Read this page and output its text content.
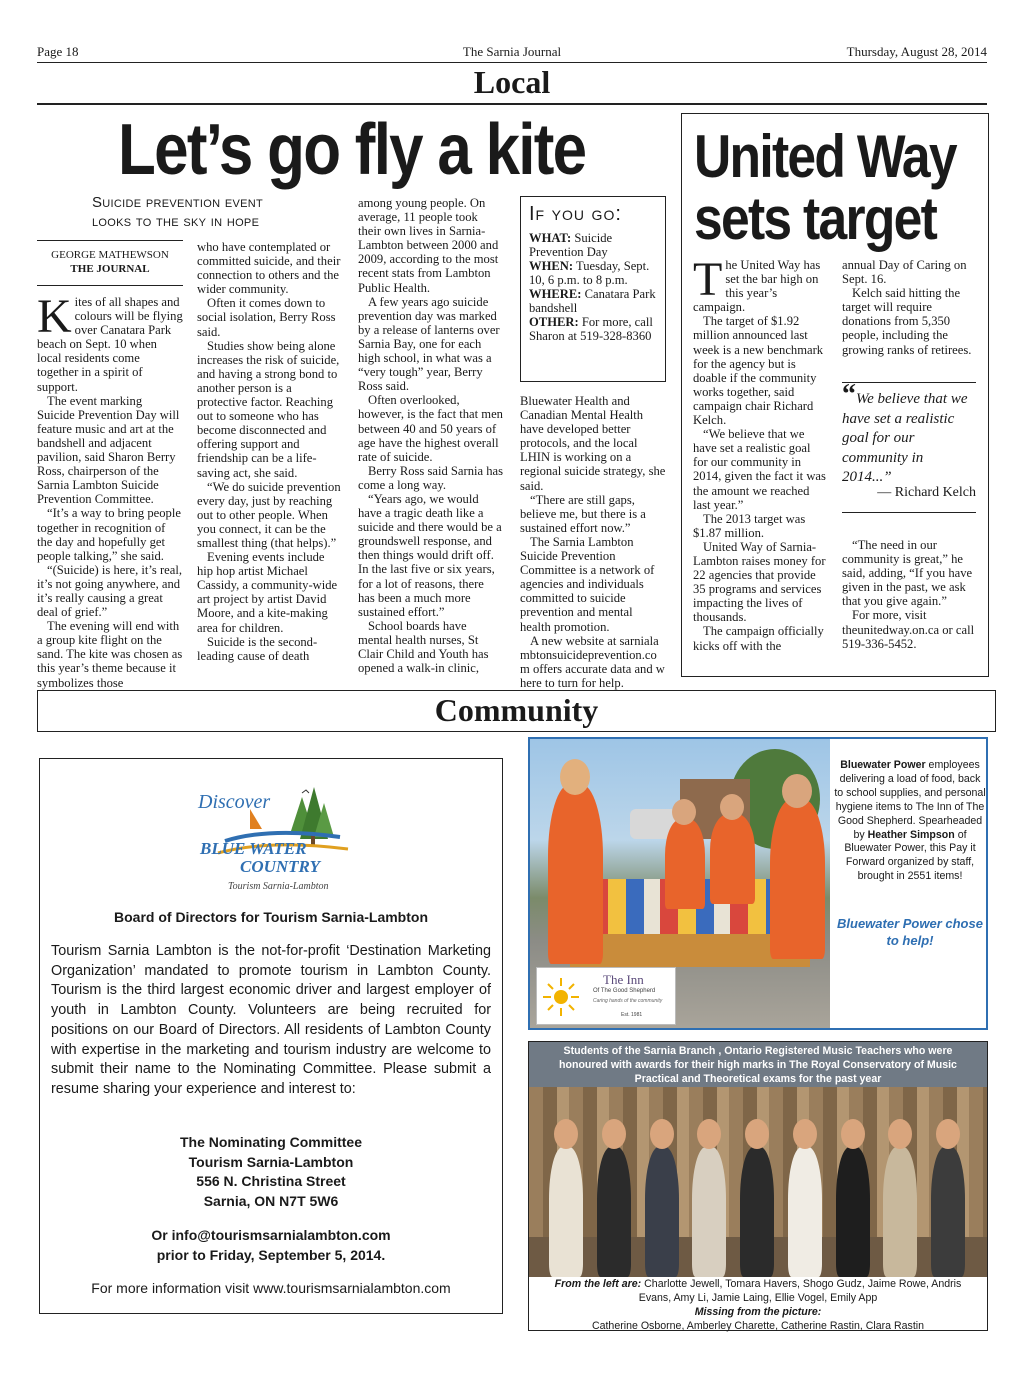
Page 18	The Sarnia Journal	Thursday, August 28, 2014
Local
Let’s go fly a kite
Suicide prevention event
looks to the sky in hope
GEORGE MATHEWSON
THE JOURNAL

Kites of all shapes and colours will be flying over Canatara Park beach on Sept. 10 when local residents come together in a spirit of support.

The event marking Suicide Prevention Day will feature music and art at the bandshell and adjacent pavilion, said Sharon Berry Ross, chairperson of the Sarnia Lambton Suicide Prevention Committee.

“It’s a way to bring people together in recognition of the day and hopefully get people talking,” she said.

“(Suicide) is here, it’s real, it’s not going anywhere, and it’s really causing a great deal of grief.”

The evening will end with a group kite flight on the sand. The kite was chosen as this year’s theme because it symbolizes those

who have contemplated or committed suicide, and their connection to others and the wider community.

Often it comes down to social isolation, Berry Ross said.

Studies show being alone increases the risk of suicide, and having a strong bond to another person is a protective factor. Reaching out to someone who has become disconnected and offering support and friendship can be a life-saving act, she said.

“We do suicide prevention every day, just by reaching out to other people. When you connect, it can be the smallest thing (that helps).”

Evening events include hip hop artist Michael Cassidy, a community-wide art project by artist David Moore, and a kite-making area for children.

Suicide is the second-leading cause of death

among young people. On average, 11 people took their own lives in Sarnia-Lambton between 2000 and 2009, according to the most recent stats from Lambton Public Health.

A few years ago suicide prevention day was marked by a release of lanterns over Sarnia Bay, one for each high school, in what was a “very tough” year, Berry Ross said.

Often overlooked, however, is the fact that men between 40 and 50 years of age have the highest overall rate of suicide.

Berry Ross said Sarnia has come a long way.

“Years ago, we would have a tragic death like a suicide and there would be a groundswell response, and then things would drift off. In the last five or six years, for a lot of reasons, there has been a much more sustained effort.”

School boards have mental health nurses, St Clair Child and Youth has opened a walk-in clinic,

If you go:
WHAT: Suicide Prevention Day
WHEN: Tuesday, Sept. 10, 6 p.m. to 8 p.m.
WHERE: Canatara Park bandshell
OTHER: For more, call Sharon at 519-328-8360

Bluewater Health and Canadian Mental Health have developed better protocols, and the local LHIN is working on a regional suicide strategy, she said.

“There are still gaps, believe me, but there is a sustained effort now.”

The Sarnia Lambton Suicide Prevention Committee is a network of agencies and individuals committed to suicide prevention and mental health promotion.

A new website at sarnialambtonsuicideprevention.com offers accurate data and where to turn for help.

United Way
sets target

The United Way has set the bar high on this year’s campaign.

The target of $1.92 million announced last week is a new benchmark for the agency but is doable if the community works together, said campaign chair Richard Kelch.

“We believe that we have set a realistic goal for our community in 2014, given the fact it was the amount we reached last year.”

The 2013 target was $1.87 million.

United Way of Sarnia-Lambton raises money for 22 agencies that provide 35 programs and services impacting the lives of thousands.

The campaign officially kicks off with the

annual Day of Caring on Sept. 16.

Kelch said hitting the target will require donations from 5,350 people, including the growing ranks of retirees.

“We believe that we have set a realistic goal for our community in 2014...”
— Richard Kelch

“The need in our community is great,” he said, adding, “If you have given in the past, we ask that you give again.”

For more, visit theunitedway.on.ca or call 519-336-5452.

Community
Discover
BLUE WATER
COUNTRY
Tourism Sarnia-Lambton
Board of Directors for Tourism Sarnia-Lambton
Tourism Sarnia Lambton is the not-for-profit ‘Destination Marketing Organization’ mandated to promote tourism in Lambton County. Tourism is the third largest economic driver and largest employer of youth in Lambton County. Volunteers are being recruited for positions on our Board of Directors. All residents of Lambton County with expertise in the marketing and tourism industry are welcome to submit their name to the Nominating Committee. Please submit a resume sharing your experience and interest to:
The Nominating Committee
Tourism Sarnia-Lambton
556 N. Christina Street
Sarnia, ON N7T 5W6
Or info@tourismsarnialambton.com
prior to Friday, September 5, 2014.
For more information visit www.tourismsarnialambton.com
The Inn
Of The Good Shepherd
Caring hands of the community
Est. 1981
Bluewater Power employees delivering a load of food, back to school supplies, and personal hygiene items to The Inn of The Good Shepherd. Spearheaded by Heather Simpson of Bluewater Power, this Pay it Forward organized by staff, brought in 2551 items!
Bluewater Power chose to help!
Students of the Sarnia Branch , Ontario Registered Music Teachers who were honoured with awards for their high marks in The Royal Conservatory of Music Practical and Theoretical exams for the past year
From the left are: Charlotte Jewell, Tomara Havers, Shogo Gudz, Jaime Rowe, Andris Evans, Amy Li, Jamie Laing, Ellie Vogel, Emily App
Missing from the picture:
Catherine Osborne, Amberley Charette, Catherine Rastin, Clara Rastin
